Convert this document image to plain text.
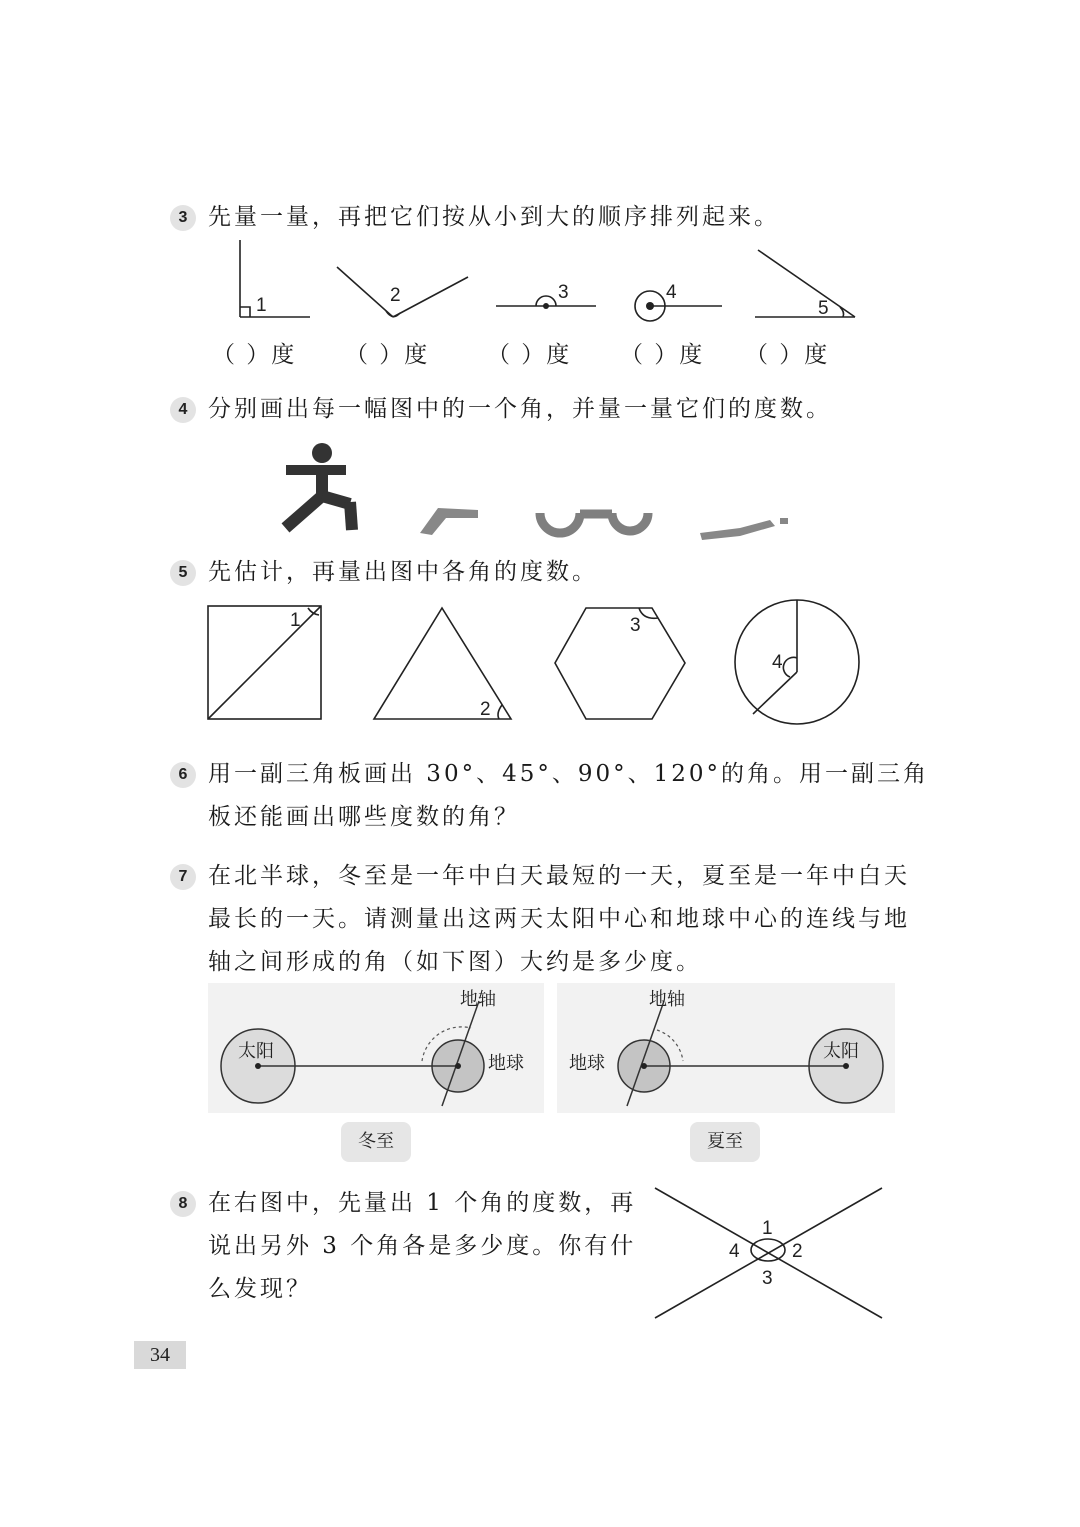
3 先量一量，再把它们按从小到大的顺序排列起来。
1	2	3	4
5
（ ）度 （ ）度	（ ）度 （ ）度 （ ）度
4 分别画出每一幅图中的一个角，并量一量它们的度数。
5 先估计，再量出图中各角的度数。
1
2
3
4
6 用一副三角板画出 30°、45°、90°、120°的角。用一副三角
板还能画出哪些度数的角？
7 在北半球，冬至是一年中白天最短的一天，夏至是一年中白天
最长的一天。请测量出这两天太阳中心和地球中心的连线与地
轴之间形成的角（如下图）大约是多少度。
太阳
地球
地轴
太阳
地球
地轴
冬至	夏至
8 在右图中，先量出 1 个角的度数，再
说出另外 3 个角各是多少度。你有什
么发现？
1
2
3
4
34
